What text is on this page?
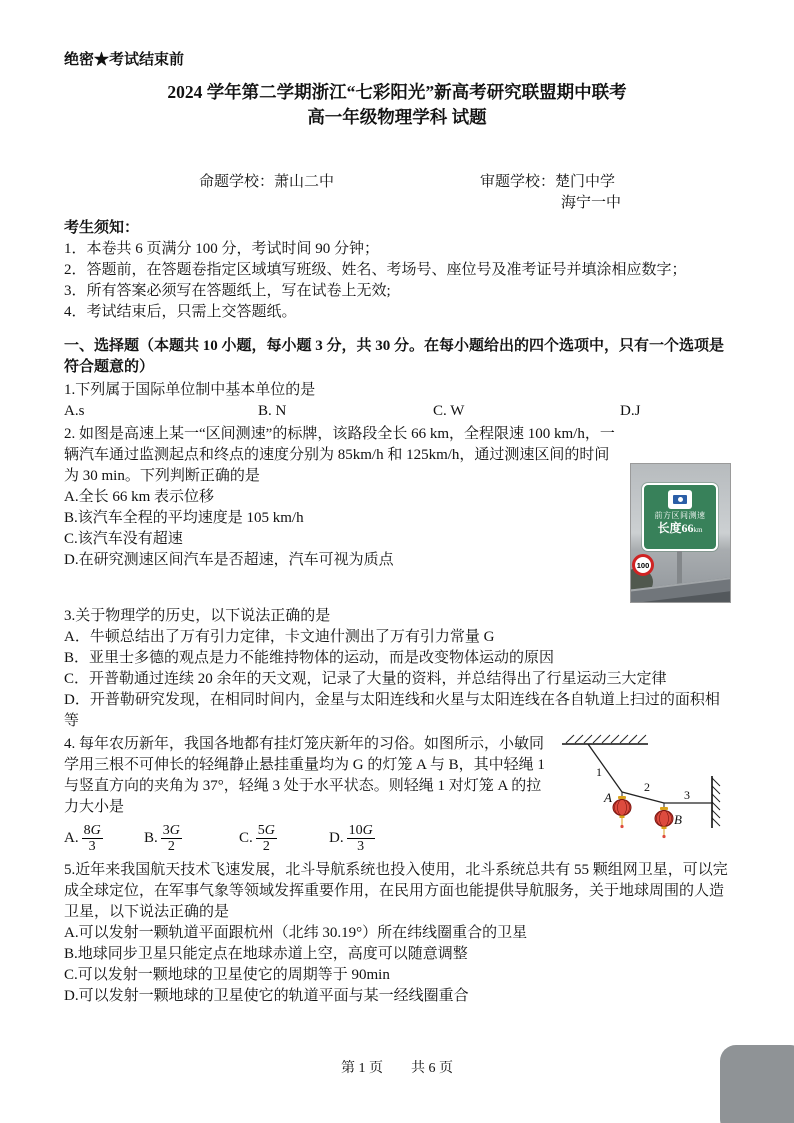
绝密★考试结束前
2024 学年第二学期浙江“七彩阳光”新高考研究联盟期中联考
高一年级物理学科 试题
命题学校：萧山二中	审题学校：楚门中学
海宁一中
考生须知：
1．本卷共 6 页满分 100 分，考试时间 90 分钟；
2．答题前，在答题卷指定区域填写班级、姓名、考场号、座位号及准考证号并填涂相应数字；
3．所有答案必须写在答题纸上，写在试卷上无效;
4．考试结束后，只需上交答题纸。
一、选择题（本题共 10 小题，每小题 3 分，共 30 分。在每小题给出的四个选项中，只有一个选项是符合题意的）
1.下列属于国际单位制中基本单位的是
A.s	B. N	C. W	D.J
前方区间测速
长度66km
100
2. 如图是高速上某一“区间测速”的标牌，该路段全长 66 km，全程限速 100 km/h，一辆汽车通过监测起点和终点的速度分别为 85km/h 和 125km/h，通过测速区间的时间为 30 min。下列判断正确的是
A.全长 66 km 表示位移
B.该汽车全程的平均速度是 105 km/h
C.该汽车没有超速
D.在研究测速区间汽车是否超速，汽车可视为质点
3.关于物理学的历史，以下说法正确的是
A．牛顿总结出了万有引力定律，卡文迪什测出了万有引力常量 G
B．亚里士多德的观点是力不能维持物体的运动，而是改变物体运动的原因
C．开普勒通过连续 20 余年的天文观，记录了大量的资料，并总结得出了行星运动三大定律
D．开普勒研究发现，在相同时间内，金星与太阳连线和火星与太阳连线在各自轨道上扫过的面积相等
1
2
3
A
B
4. 每年农历新年，我国各地都有挂灯笼庆新年的习俗。如图所示，小敏同学用三根不可伸长的轻绳静止悬挂重量均为 G 的灯笼 A 与 B，其中轻绳 1 与竖直方向的夹角为 37°，轻绳 3 处于水平状态。则轻绳 1 对灯笼 A 的拉力大小是
A. $\frac{8G}{3}$	B. $\frac{3G}{2}$	C. $\frac{5G}{2}$	D. $\frac{10G}{3}$
5.近年来我国航天技术飞速发展，北斗导航系统也投入使用，北斗系统总共有 55 颗组网卫星，可以完成全球定位，在军事气象等领域发挥重要作用，在民用方面也能提供导航服务，关于地球周围的人造卫星，以下说法正确的是
A.可以发射一颗轨道平面跟杭州（北纬 30.19°）所在纬线圈重合的卫星
B.地球同步卫星只能定点在地球赤道上空，高度可以随意调整
C.可以发射一颗地球的卫星使它的周期等于 90min
D.可以发射一颗地球的卫星使它的轨道平面与某一经线圈重合
第 1 页　　共 6 页
